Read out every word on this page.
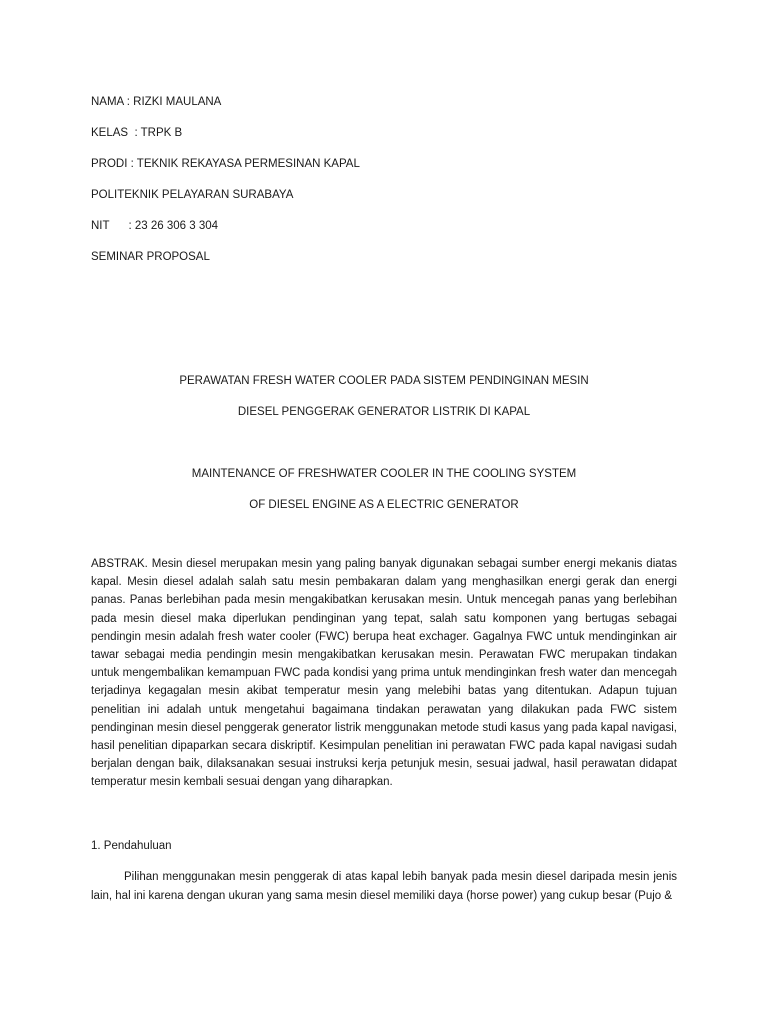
NAMA : RIZKI MAULANA
KELAS  : TRPK B
PRODI : TEKNIK REKAYASA PERMESINAN KAPAL
POLITEKNIK PELAYARAN SURABAYA
NIT      : 23 26 306 3 304
SEMINAR PROPOSAL
PERAWATAN FRESH WATER COOLER PADA SISTEM PENDINGINAN MESIN
DIESEL PENGGERAK GENERATOR LISTRIK DI KAPAL
MAINTENANCE OF FRESHWATER COOLER IN THE COOLING SYSTEM
OF DIESEL ENGINE AS A ELECTRIC GENERATOR
ABSTRAK. Mesin diesel merupakan mesin yang paling banyak digunakan sebagai sumber energi mekanis diatas kapal. Mesin diesel adalah salah satu mesin pembakaran dalam yang menghasilkan energi gerak dan energi panas. Panas berlebihan pada mesin mengakibatkan kerusakan mesin. Untuk mencegah panas yang berlebihan pada mesin diesel maka diperlukan pendinginan yang tepat, salah satu komponen yang bertugas sebagai pendingin mesin adalah fresh water cooler (FWC) berupa heat exchager. Gagalnya FWC untuk mendinginkan air tawar sebagai media pendingin mesin mengakibatkan kerusakan mesin. Perawatan FWC merupakan tindakan untuk mengembalikan kemampuan FWC pada kondisi yang prima untuk mendinginkan fresh water dan mencegah terjadinya kegagalan mesin akibat temperatur mesin yang melebihi batas yang ditentukan. Adapun tujuan penelitian ini adalah untuk mengetahui bagaimana tindakan perawatan yang dilakukan pada FWC sistem pendinginan mesin diesel penggerak generator listrik menggunakan metode studi kasus yang pada kapal navigasi, hasil penelitian dipaparkan secara diskriptif. Kesimpulan penelitian ini perawatan FWC pada kapal navigasi sudah berjalan dengan baik, dilaksanakan sesuai instruksi kerja petunjuk mesin, sesuai jadwal, hasil perawatan didapat temperatur mesin kembali sesuai dengan yang diharapkan.
1. Pendahuluan
Pilihan menggunakan mesin penggerak di atas kapal lebih banyak pada mesin diesel daripada mesin jenis lain, hal ini karena dengan ukuran yang sama mesin diesel memiliki daya (horse power) yang cukup besar (Pujo &
